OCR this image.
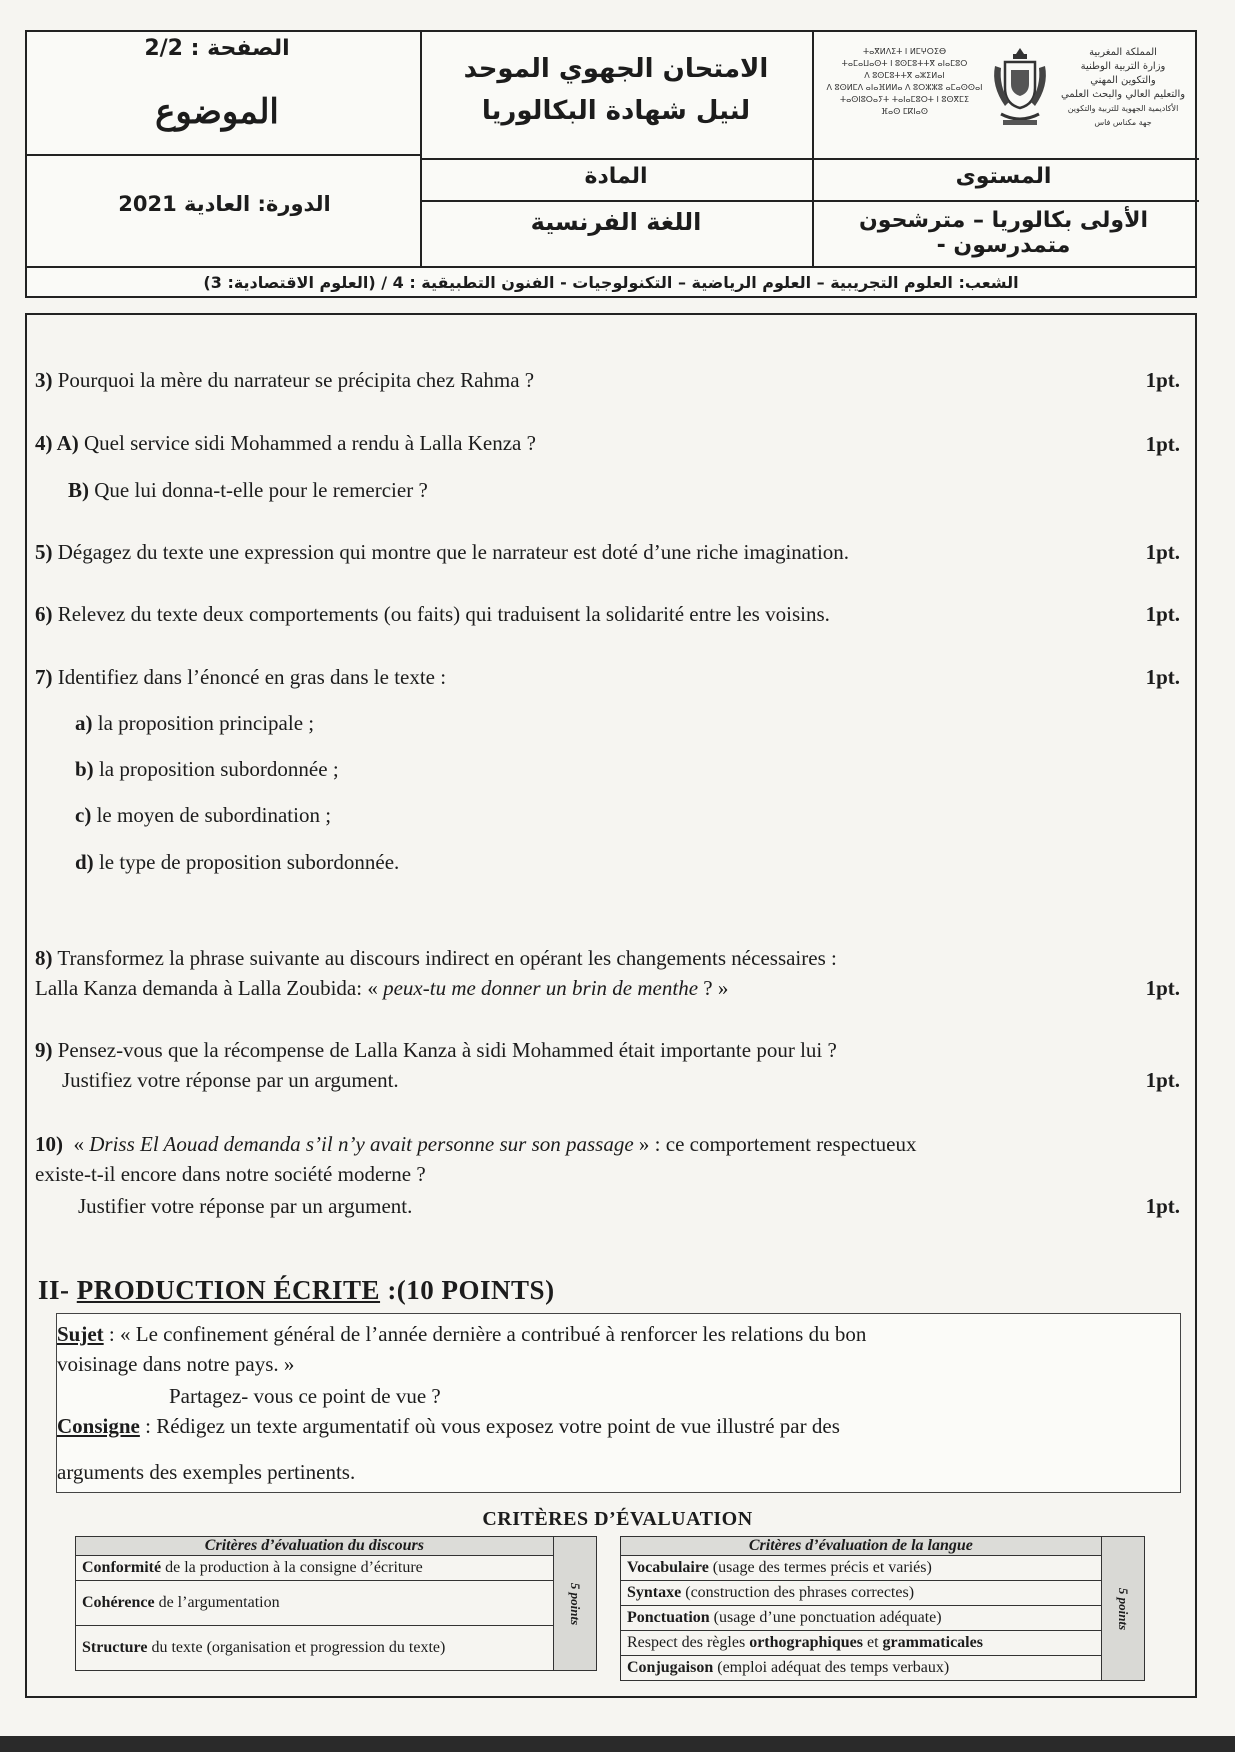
الصفحة : 2/2
الموضوع
الدورة: العادية 2021
الامتحان الجهوي الموحد
لنيل شهادة البكالوريا
المادة
اللغة الفرنسية
ⵜⴰⴳⵍⴷⵉⵜ ⵏ ⵍⵎⵖⵔⵉⴱ
ⵜⴰⵎⴰⵡⴰⵙⵜ ⵏ ⵓⵙⵎⵓⵜⵜⴳ ⴰⵏⴰⵎⵓⵔ
ⴷ ⵓⵙⵎⵓⵜⵜⴳ ⴰⵣⵉⵍⴰⵏ
ⴷ ⵓⵙⵍⵎⴷ ⴰⵏⴰⴼⵍⵍⴰ ⴷ ⵓⵔⵣⵣⵓ ⴰⵎⴰⵙⵙⴰⵏ
ⵜⴰⵙⵏⵓⵔⴰⵢⵜ ⵜⴰⵏⴰⵎⵓⵔⵜ ⵏ ⵓⵙⴳⵎⵉ
ⴼⴰⵙ ⵎⴽⵏⴰⵙ
المملكة المغربية
وزارة التربية الوطنية
والتكوين المهني
والتعليم العالي والبحث العلمي
الأكاديمية الجهوية للتربية والتكوين
جهة مكناس فاس
المستوى
الأولى بكالوريا – مترشحون متمدرسون -
الشعب: العلوم التجريبية – العلوم الرياضية – التكنولوجيات - الفنون التطبيقية : 4 / (العلوم الاقتصادية: 3)
3) Pourquoi la mère du narrateur se précipita chez Rahma ?	1pt.
4) A) Quel service sidi Mohammed a rendu à Lalla Kenza ?	1pt.
B) Que lui donna-t-elle pour le remercier ?
5) Dégagez du texte une expression qui montre que le narrateur est doté d’une riche imagination.	1pt.
6) Relevez du texte deux comportements (ou faits) qui traduisent la solidarité entre les voisins.	1pt.
7) Identifiez dans l’énoncé en gras dans le texte :	1pt.
a) la proposition principale ;
b) la proposition subordonnée ;
c) le moyen de subordination ;
d) le type de proposition subordonnée.
8) Transformez la phrase suivante au discours indirect en opérant les changements nécessaires :
Lalla Kanza demanda à Lalla Zoubida: « peux-tu me donner un brin de menthe ? »	1pt.
9) Pensez-vous que la récompense de Lalla Kanza à sidi Mohammed était importante pour lui ?
Justifiez votre réponse par un argument.	1pt.
10) « Driss El Aouad demanda s’il n’y avait personne sur son passage » : ce comportement respectueux
existe-t-il encore dans notre société moderne ?
Justifier votre réponse par un argument.	1pt.
II- PRODUCTION ÉCRITE :(10 POINTS)
Sujet : « Le confinement général de l’année dernière a contribué à renforcer les relations du bon
voisinage dans notre pays. »
Partagez- vous ce point de vue ?
Consigne : Rédigez un texte argumentatif où vous exposez votre point de vue illustré par des
arguments des exemples pertinents.
CRITÈRES D’ÉVALUATION
Critères d’évaluation du discours	5 points
Conformité de la production à la consigne d’écriture
Cohérence de l’argumentation
Structure du texte (organisation et progression du texte)
Critères d’évaluation de la langue	5 points
Vocabulaire (usage des termes précis et variés)
Syntaxe (construction des phrases correctes)
Ponctuation (usage d’une ponctuation adéquate)
Respect des règles orthographiques et grammaticales
Conjugaison (emploi adéquat des temps verbaux)
